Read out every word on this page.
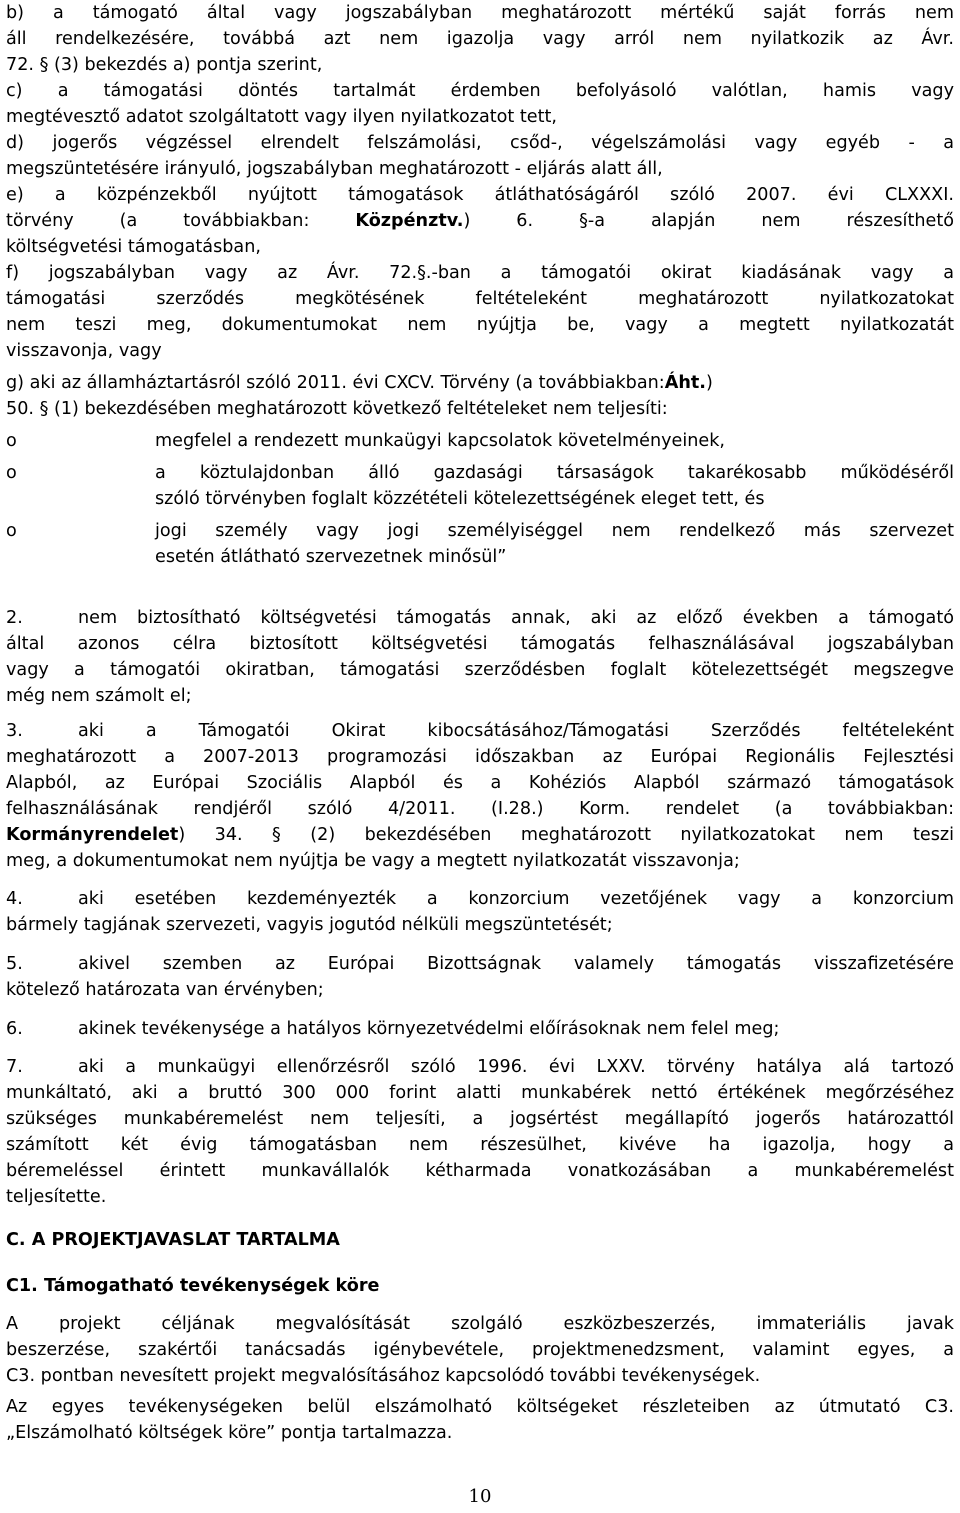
b) a támogató által vagy jogszabályban meghatározott mértékű saját forrás nem
áll rendelkezésére, továbbá azt nem igazolja vagy arról nem nyilatkozik az Ávr.
72. § (3) bekezdés a) pontja szerint,
c) a támogatási döntés tartalmát érdemben befolyásoló valótlan, hamis vagy
megtévesztő adatot szolgáltatott vagy ilyen nyilatkozatot tett,
d) jogerős végzéssel elrendelt felszámolási, csőd-, végelszámolási vagy egyéb - a
megszüntetésére irányuló, jogszabályban meghatározott - eljárás alatt áll,
e) a közpénzekből nyújtott támogatások átláthatóságáról szóló 2007. évi CLXXXI.
törvény (a továbbiakban: Közpénztv.) 6. §-a alapján nem részesíthető
költségvetési támogatásban,
f) jogszabályban vagy az Ávr. 72.§.-ban a támogatói okirat kiadásának vagy a
támogatási szerződés megkötésének feltételeként meghatározott nyilatkozatokat
nem teszi meg, dokumentumokat nem nyújtja be, vagy a megtett nyilatkozatát
visszavonja, vagy
g) aki az államháztartásról szóló 2011. évi CXCV. Törvény (a továbbiakban:Áht.)
50. § (1) bekezdésében meghatározott következő feltételeket nem teljesíti:
o	megfelel a rendezett munkaügyi kapcsolatok követelményeinek,
o	a köztulajdonban álló gazdasági társaságok takarékosabb működéséről
szóló törvényben foglalt közzétételi kötelezettségének eleget tett, és
o	jogi személy vagy jogi személyiséggel nem rendelkező más szervezet
esetén átlátható szervezetnek minősül”
2.	nem biztosítható költségvetési támogatás annak, aki az előző években a támogató
által azonos célra biztosított költségvetési támogatás felhasználásával jogszabályban
vagy a támogatói okiratban, támogatási szerződésben foglalt kötelezettségét megszegve
még nem számolt el;
3.	aki a Támogatói Okirat kibocsátásához/Támogatási Szerződés feltételeként
meghatározott a 2007-2013 programozási időszakban az Európai Regionális Fejlesztési
Alapból, az Európai Szociális Alapból és a Kohéziós Alapból származó támogatások
felhasználásának rendjéről szóló 4/2011. (I.28.) Korm. rendelet (a továbbiakban:
Kormányrendelet) 34. § (2) bekezdésében meghatározott nyilatkozatokat nem teszi
meg, a dokumentumokat nem nyújtja be vagy a megtett nyilatkozatát visszavonja;
4.	aki esetében kezdeményezték a konzorcium vezetőjének vagy a konzorcium
bármely tagjának szervezeti, vagyis jogutód nélküli megszüntetését;
5.	akivel szemben az Európai Bizottságnak valamely támogatás visszafizetésére
kötelező határozata van érvényben;
6.	akinek tevékenysége a hatályos környezetvédelmi előírásoknak nem felel meg;
7.	aki a munkaügyi ellenőrzésről szóló 1996. évi LXXV. törvény hatálya alá tartozó
munkáltató, aki a bruttó 300 000 forint alatti munkabérek nettó értékének megőrzéséhez
szükséges munkabéremelést nem teljesíti, a jogsértést megállapító jogerős határozattól
számított két évig támogatásban nem részesülhet, kivéve ha igazolja, hogy a
béremeléssel érintett munkavállalók kétharmada vonatkozásában a munkabéremelést
teljesítette.
C. A PROJEKTJAVASLAT TARTALMA
C1. Támogatható tevékenységek köre
A projekt céljának megvalósítását szolgáló eszközbeszerzés, immateriális javak
beszerzése, szakértői tanácsadás igénybevétele, projektmenedzsment, valamint egyes, a
C3. pontban nevesített projekt megvalósításához kapcsolódó további tevékenységek.
Az egyes tevékenységeken belül elszámolható költségeket részleteiben az útmutató C3.
„Elszámolható költségek köre” pontja tartalmazza.
10
